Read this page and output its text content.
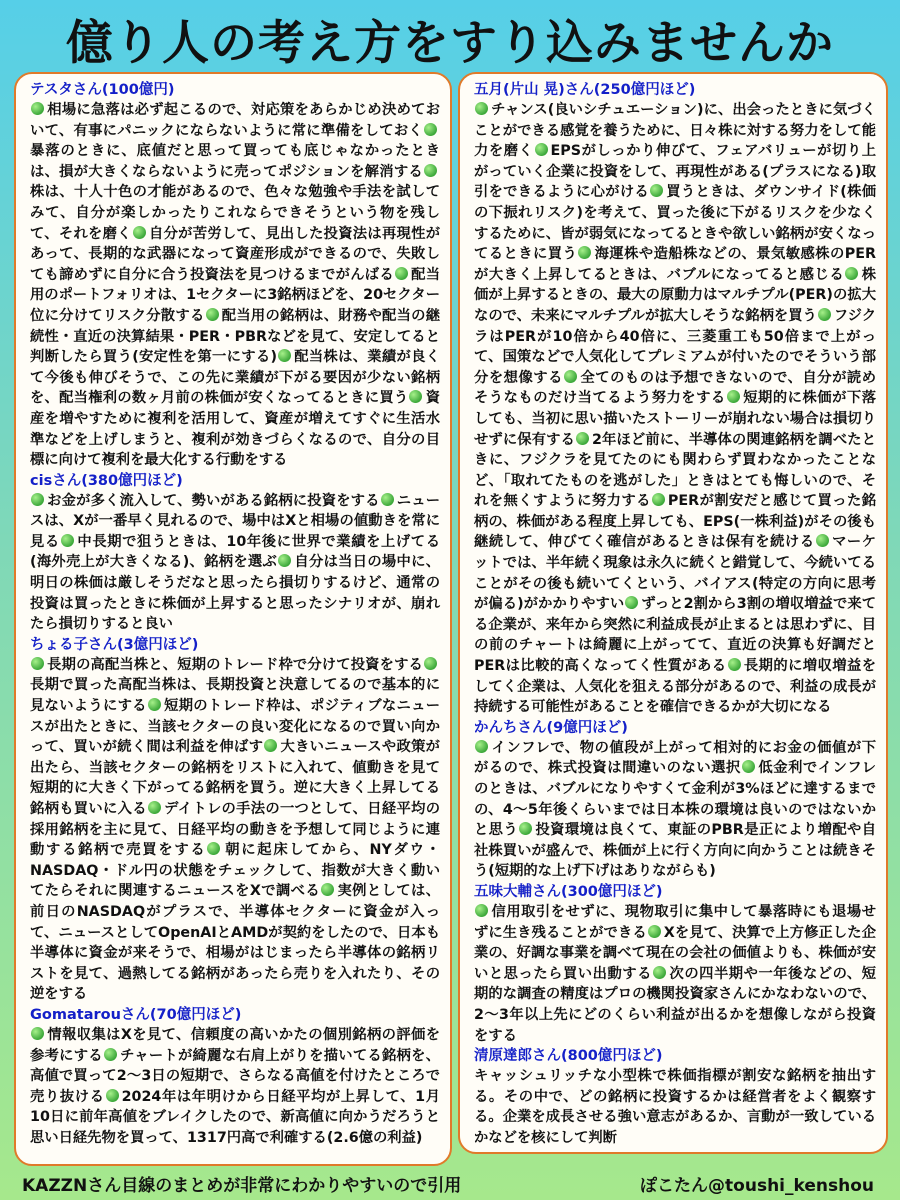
億り人の考え方をすり込みませんか
テスタさん(100億円)
相場に急落は必ず起こるので、対応策をあらかじめ決めておいて、有事にパニックにならないように常に準備をしておく暴落のときに、底値だと思って買っても底じゃなかったときは、損が大きくならないように売ってポジションを解消する株は、十人十色の才能があるので、色々な勉強や手法を試してみて、自分が楽しかったりこれならできそうという物を残して、それを磨く 自分が苦労して、見出した投資法は再現性があって、長期的な武器になって資産形成ができるので、失敗しても諦めずに自分に合う投資法を見つけるまでがんばる 配当用のポートフォリオは、1セクターに3銘柄ほどを、20セクター位に分けてリスク分散する 配当用の銘柄は、財務や配当の継続性・直近の決算結果・PER・PBRなどを見て、安定してると判断したら買う(安定性を第一にする) 配当株は、業績が良くて今後も伸びそうで、この先に業績が下がる要因が少ない銘柄を、配当権利の数ヶ月前の株価が安くなってるときに買う 資産を増やすために複利を活用して、資産が増えてすぐに生活水準などを上げしまうと、複利が効きづらくなるので、自分の目標に向けて複利を最大化する行動をする
cisさん(380億円ほど)
お金が多く流入して、勢いがある銘柄に投資をする ニュースは、Xが一番早く見れるので、場中はXと相場の値動きを常に見る 中長期で狙うときは、10年後に世界で業績を上げてる(海外売上が大きくなる)、銘柄を選ぶ 自分は当日の場中に、明日の株価は厳しそうだなと思ったら損切りするけど、通常の投資は買ったときに株価が上昇すると思ったシナリオが、崩れたら損切りすると良い
ちょる子さん(3億円ほど)
長期の高配当株と、短期のトレード枠で分けて投資をする長期で買った高配当株は、長期投資と決意してるので基本的に見ないようにする 短期のトレード枠は、ポジティブなニュースが出たときに、当該セクターの良い変化になるので買い向かって、買いが続く間は利益を伸ばす 大きいニュースや政策が出たら、当該セクターの銘柄をリストに入れて、値動きを見て短期的に大きく下がってる銘柄を買う。逆に大きく上昇してる銘柄も買いに入る デイトレの手法の一つとして、日経平均の採用銘柄を主に見て、日経平均の動きを予想して同じように連動する銘柄で売買をする 朝に起床してから、NYダウ・NASDAQ・ドル円の状態をチェックして、指数が大きく動いてたらそれに関連するニュースをXで調べる 実例としては、前日のNASDAQがプラスで、半導体セクターに資金が入って、ニュースとしてOpenAIとAMDが契約をしたので、日本も半導体に資金が来そうで、相場がはじまったら半導体の銘柄リストを見て、過熱してる銘柄があったら売りを入れたり、その逆をする
Gomatarouさん(70億円ほど)
情報収集はXを見て、信頼度の高いかたの個別銘柄の評価を参考にする チャートが綺麗な右肩上がりを描いてる銘柄を、高値で買って2〜3日の短期で、さらなる高値を付けたところで売り抜ける 2024年は年明けから日経平均が上昇して、1月10日に前年高値をブレイクしたので、新高値に向かうだろうと思い日経先物を買って、1317円高で利確する(2.6億の利益)
五月(片山 晃)さん(250億円ほど)
チャンス(良いシチュエーション)に、出会ったときに気づくことができる感覚を養うために、日々株に対する努力をして能力を磨く EPSがしっかり伸びて、フェアバリューが切り上がっていく企業に投資をして、再現性がある(プラスになる)取引をできるように心がける 買うときは、ダウンサイド(株価の下振れリスク)を考えて、買った後に下がるリスクを少なくするために、皆が弱気になってるときや欲しい銘柄が安くなってるときに買う 海運株や造船株などの、景気敏感株のPERが大きく上昇してるときは、バブルになってると感じる 株価が上昇するときの、最大の原動力はマルチプル(PER)の拡大なので、未来にマルチプルが拡大しそうな銘柄を買う フジクラはPERが10倍から40倍に、三菱重工も50倍まで上がって、国策などで人気化してプレミアムが付いたのでそういう部分を想像する 全てのものは予想できないので、自分が読めそうなものだけ当てるよう努力をする 短期的に株価が下落しても、当初に思い描いたストーリーが崩れない場合は損切りせずに保有する 2年ほど前に、半導体の関連銘柄を調べたときに、フジクラを見てたのにも関わらず買わなかったことなど、「取れてたものを逃がした」ときはとても悔しいので、それを無くすように努力する PERが割安だと感じて買った銘柄の、株価がある程度上昇しても、EPS(一株利益)がその後も継続して、伸びてく確信があるときは保有を続ける マーケットでは、半年続く現象は永久に続くと錯覚して、今続いてることがその後も続いてくという、バイアス(特定の方向に思考が偏る)がかかりやすい ずっと2割から3割の増収増益で来てる企業が、来年から突然に利益成長が止まるとは思わずに、目の前のチャートは綺麗に上がってて、直近の決算も好調だとPERは比較的高くなってく性質がある 長期的に増収増益をしてく企業は、人気化を狙える部分があるので、利益の成長が持続する可能性があることを確信できるかが大切になる
かんちさん(9億円ほど)
インフレで、物の値段が上がって相対的にお金の価値が下がるので、株式投資は間違いのない選択 低金利でインフレのときは、バブルになりやすくて金利が3%ほどに達するまでの、4〜5年後くらいまでは日本株の環境は良いのではないかと思う 投資環境は良くて、東証のPBR是正により増配や自社株買いが盛んで、株価が上に行く方向に向かうことは続きそう(短期的な上げ下げはありながらも)
五味大輔さん(300億円ほど)
信用取引をせずに、現物取引に集中して暴落時にも退場せずに生き残ることができる Xを見て、決算で上方修正した企業の、好調な事業を調べて現在の会社の価値よりも、株価が安いと思ったら買い出動する 次の四半期や一年後などの、短期的な調査の精度はプロの機関投資家さんにかなわないので、2〜3年以上先にどのくらい利益が出るかを想像しながら投資をする
清原達郎さん(800億円ほど)
キャッシュリッチな小型株で株価指標が割安な銘柄を抽出する。その中で、どの銘柄に投資するかは経営者をよく観察する。企業を成長させる強い意志があるか、言動が一致しているかなどを核にして判断
KAZZNさん目線のまとめが非常にわかりやすいので引用	ぽこたん@toushi_kenshou
